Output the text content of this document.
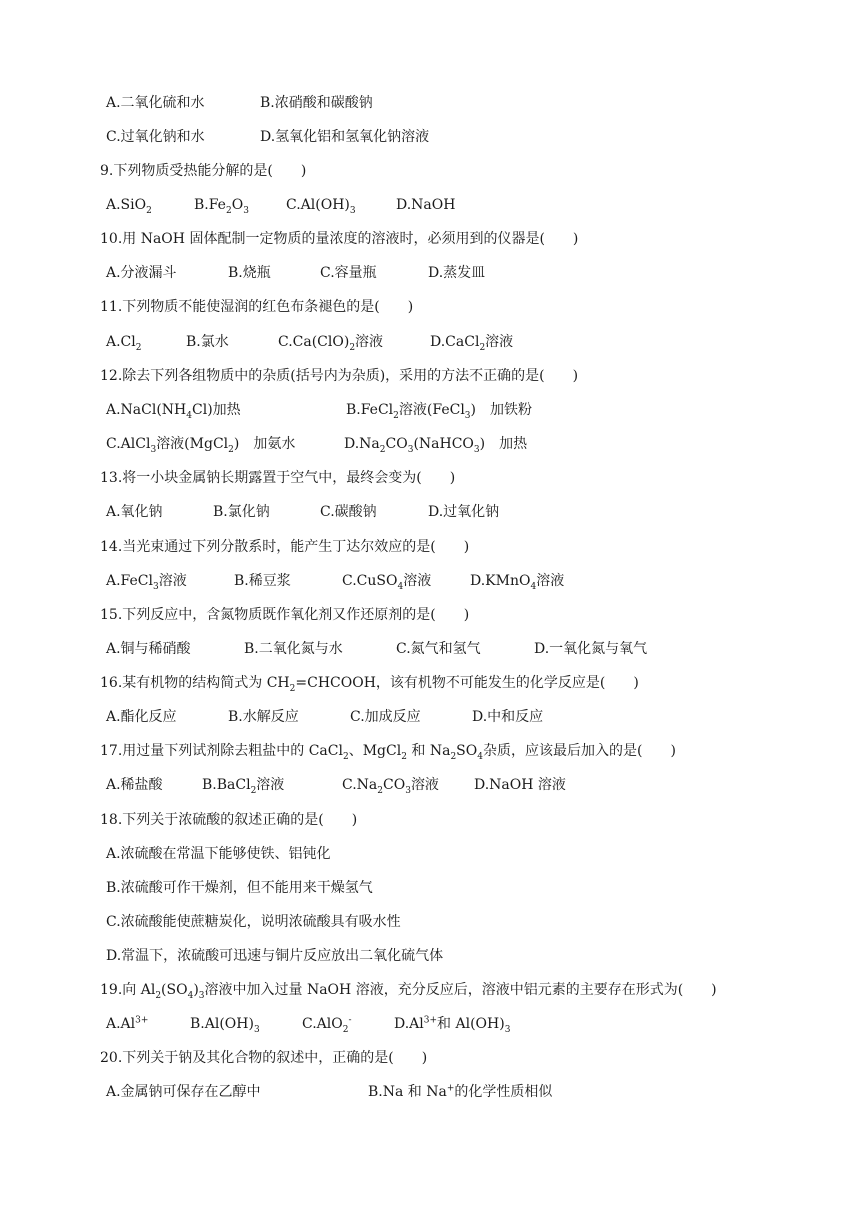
A.二氧化硫和水	B.浓硝酸和碳酸钠
C.过氧化钠和水	D.氢氧化铝和氢氧化钠溶液
9.下列物质受热能分解的是(　　)
A.SiO$_2$	$B.Fe_2O_3$	$C.Al(OH)_3$	D.NaOH
10.用 NaOH 固体配制一定物质的量浓度的溶液时，必须用到的仪器是(　　)
A.分液漏斗	B.烧瓶	C.容量瓶	D.蒸发皿
11.下列物质不能使湿润的红色布条褪色的是(　　)
$A.Cl_2$	B.氯水	$C.Ca(ClO)_2$溶液	D.CaCl$_2$溶液
12.除去下列各组物质中的杂质(括号内为杂质)，采用的方法不正确的是(　　)
$A.NaCl(NH_4Cl)$加热	B.FeCl$_2$溶液(FeCl$_3$)　加铁粉
C.AlCl$_3$溶液(MgCl$_2$)　加氨水	$D.Na_2CO_3(NaHCO_3)$　加热
13.将一小块金属钠长期露置于空气中，最终会变为(　　)
A.氧化钠	B.氯化钠	C.碳酸钠	D.过氧化钠
14.当光束通过下列分散系时，能产生丁达尔效应的是(　　)
A.FeCl$_3$溶液	B.稀豆浆	C.CuSO$_4$溶液	D.KMnO$_4$溶液
15.下列反应中，含氮物质既作氧化剂又作还原剂的是(　　)
A.铜与稀硝酸	B.二氧化氮与水	C.氮气和氢气	D.一氧化氮与氧气
16.某有机物的结构简式为 $CH_2=CHCOOH$，该有机物不可能发生的化学反应是(　　)
A.酯化反应	B.水解反应	C.加成反应	D.中和反应
17.用过量下列试剂除去粗盐中的 CaCl$_2$、MgCl$_2$ 和 $Na_2SO_4$杂质，应该最后加入的是(　　)
A.稀盐酸	B.BaCl$_2$溶液	$C.Na_2CO_3$溶液	D.NaOH 溶液
18.下列关于浓硫酸的叙述正确的是(　　)
A.浓硫酸在常温下能够使铁、铝钝化
B.浓硫酸可作干燥剂，但不能用来干燥氢气
C.浓硫酸能使蔗糖炭化，说明浓硫酸具有吸水性
D.常温下，浓硫酸可迅速与铜片反应放出二氧化硫气体
19.向 $Al_2(SO_4)_3$溶液中加入过量 NaOH 溶液，充分反应后，溶液中铝元素的主要存在形式为(　　)
$A.Al^{3+}$	$B.Al(OH)_3$	C.AlO$_2$-	$D.Al^{3+}$和 $Al(OH)_3$
20.下列关于钠及其化合物的叙述中，正确的是(　　)
A.金属钠可保存在乙醇中	B.Na 和 Na+的化学性质相似
